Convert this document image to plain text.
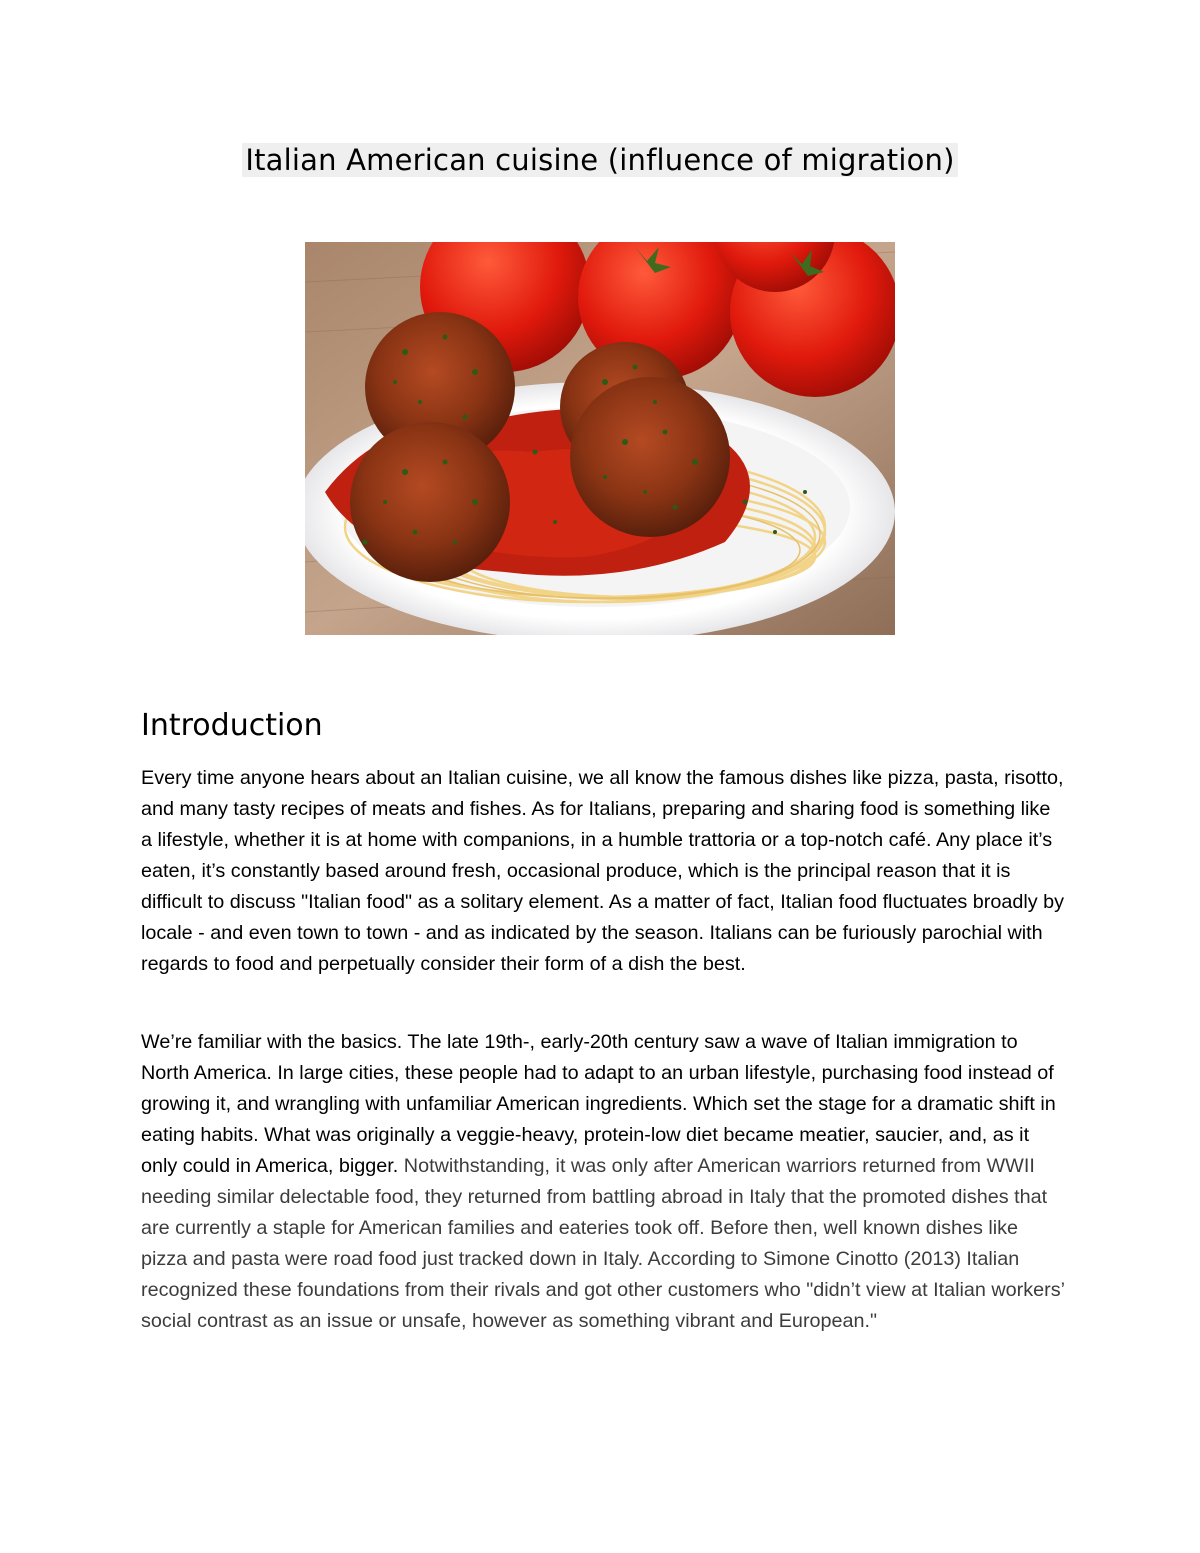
Italian American cuisine (influence of migration)
Introduction

Every time anyone hears about an Italian cuisine, we all know the famous dishes like pizza, pasta, risotto, and many tasty recipes of meats and fishes. As for Italians, preparing and sharing food is something like a lifestyle, whether it is at home with companions, in a humble trattoria or a top-notch café. Any place it’s eaten, it’s constantly based around fresh, occasional produce, which is the principal reason that it is difficult to discuss "Italian food" as a solitary element. As a matter of fact, Italian food fluctuates broadly by locale - and even town to town - and as indicated by the season. Italians can be furiously parochial with regards to food and perpetually consider their form of a dish the best.

We’re familiar with the basics. The late 19th-, early-20th century saw a wave of Italian immigration to North America. In large cities, these people had to adapt to an urban lifestyle, purchasing food instead of growing it, and wrangling with unfamiliar American ingredients. Which set the stage for a dramatic shift in eating habits. What was originally a veggie-heavy, protein-low diet became meatier, saucier, and, as it only could in America, bigger. Notwithstanding, it was only after American warriors returned from WWII needing similar delectable food, they returned from battling abroad in Italy that the promoted dishes that are currently a staple for American families and eateries took off. Before then, well known dishes like pizza and pasta were road food just tracked down in Italy. According to Simone Cinotto (2013) Italian recognized these foundations from their rivals and got other customers who "didn’t view at Italian workers’ social contrast as an issue or unsafe, however as something vibrant and European."
